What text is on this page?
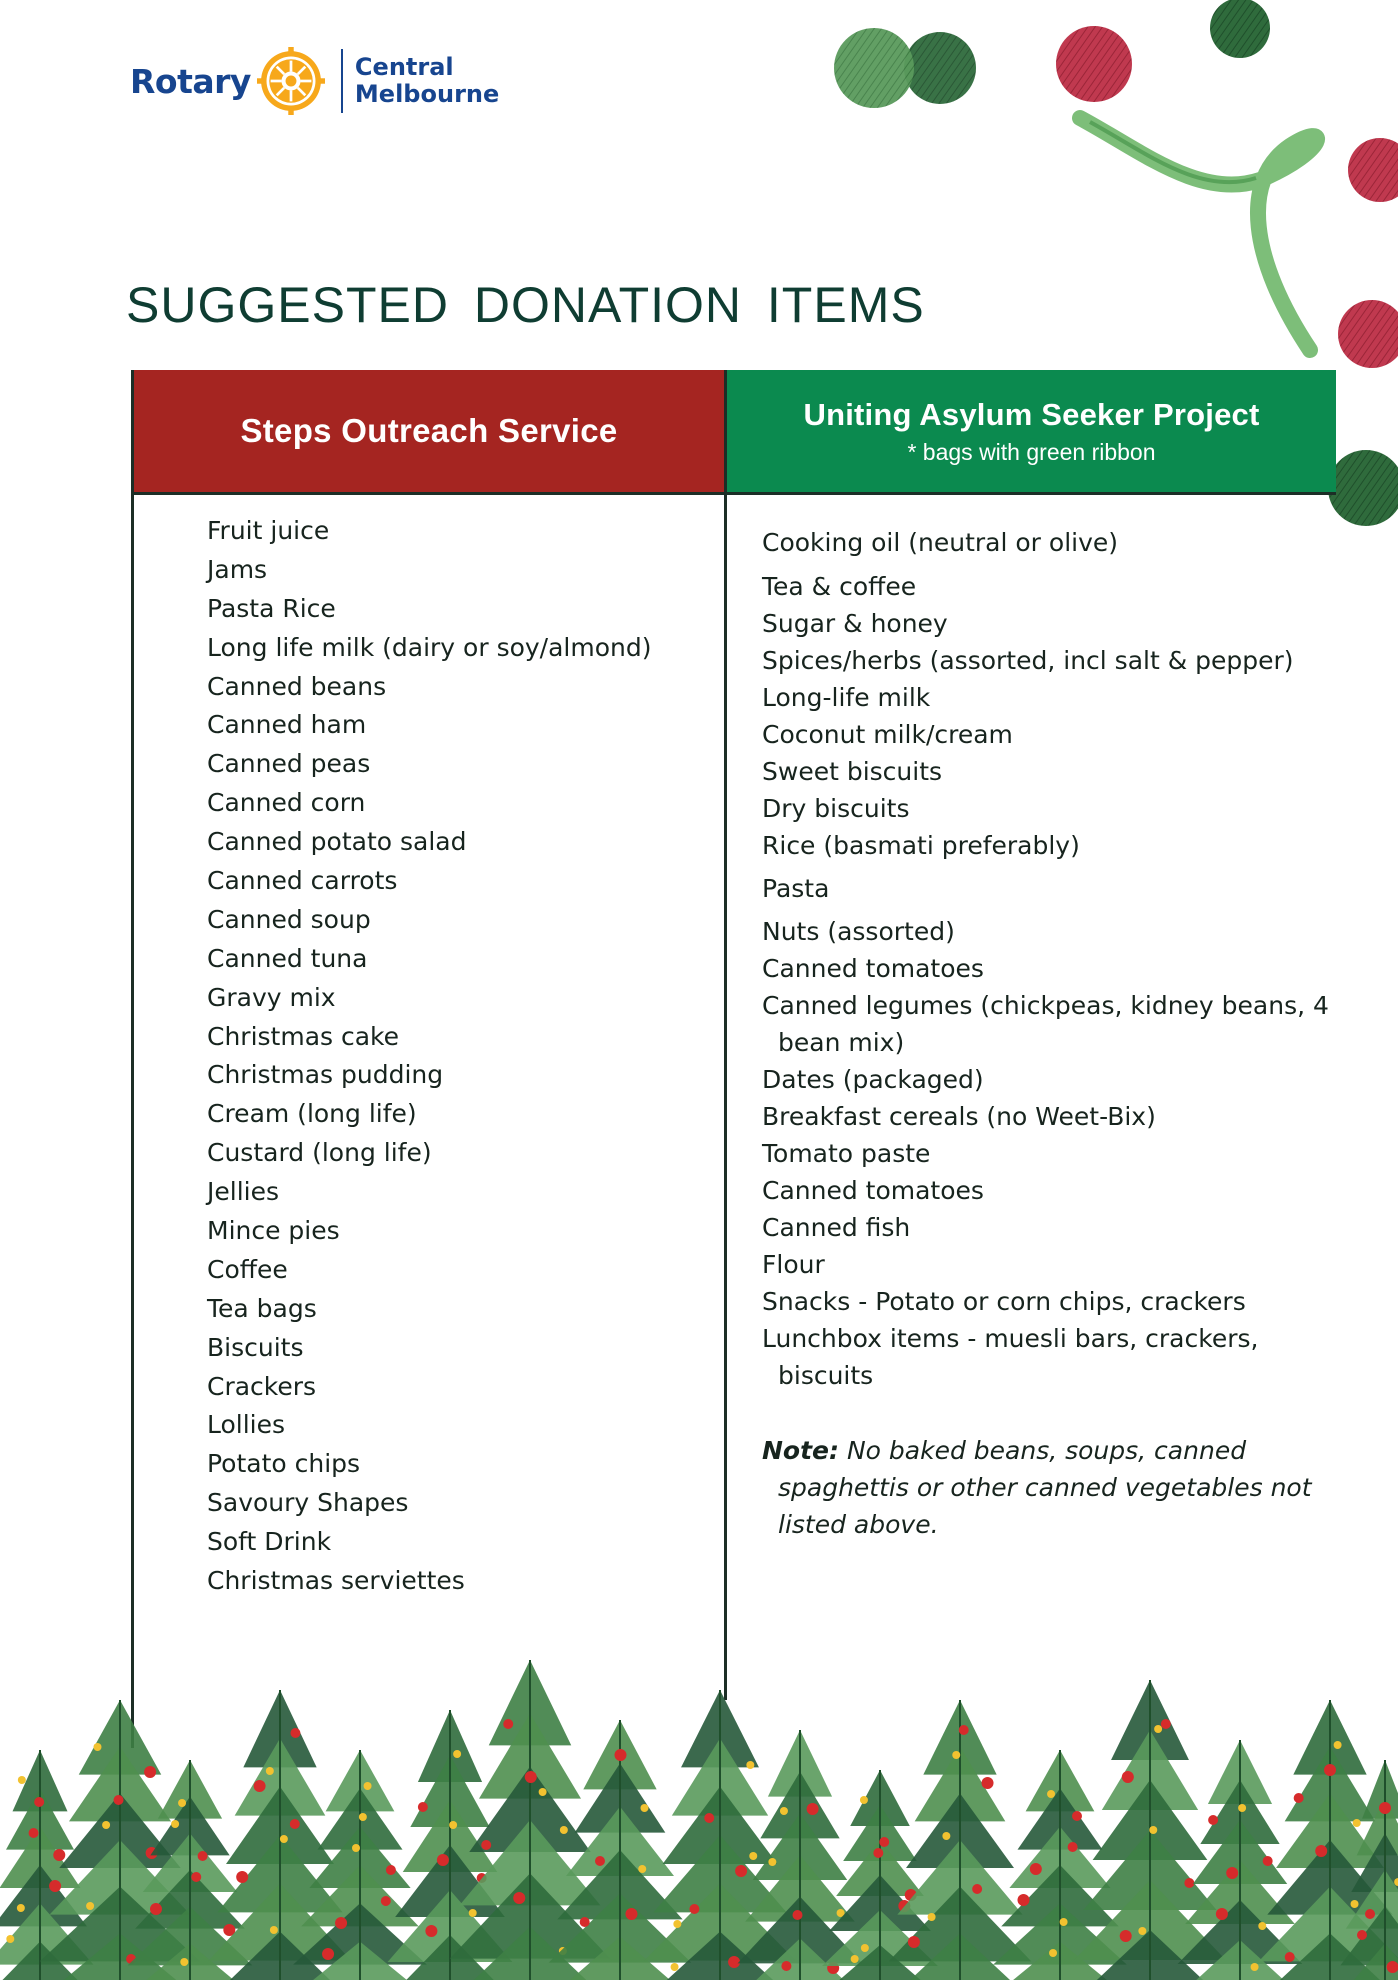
Rotary	Central
Melbourne
SUGGESTED DONATION ITEMS
Steps Outreach Service	Uniting Asylum Seeker Project
* bags with green ribbon
Fruit juice
Jams
Pasta Rice
Long life milk (dairy or soy/almond)
Canned beans
Canned ham
Canned peas
Canned corn
Canned potato salad
Canned carrots
Canned soup
Canned tuna
Gravy mix
Christmas cake
Christmas pudding
Cream (long life)
Custard (long life)
Jellies
Mince pies
Coffee
Tea bags
Biscuits
Crackers
Lollies
Potato chips
Savoury Shapes
Soft Drink
Christmas serviettes
Cooking oil (neutral or olive)
Tea & coffee
Sugar & honey
Spices/herbs (assorted, incl salt & pepper)
Long-life milk
Coconut milk/cream
Sweet biscuits
Dry biscuits
Rice (basmati preferably)
Pasta
Nuts (assorted)
Canned tomatoes
Canned legumes (chickpeas, kidney beans, 4 bean mix)
Dates (packaged)
Breakfast cereals (no Weet-Bix)
Tomato paste
Canned tomatoes
Canned fish
Flour
Snacks - Potato or corn chips, crackers
Lunchbox items - muesli bars, crackers, biscuits
Note: No baked beans, soups, canned spaghettis or other canned vegetables not listed above.
